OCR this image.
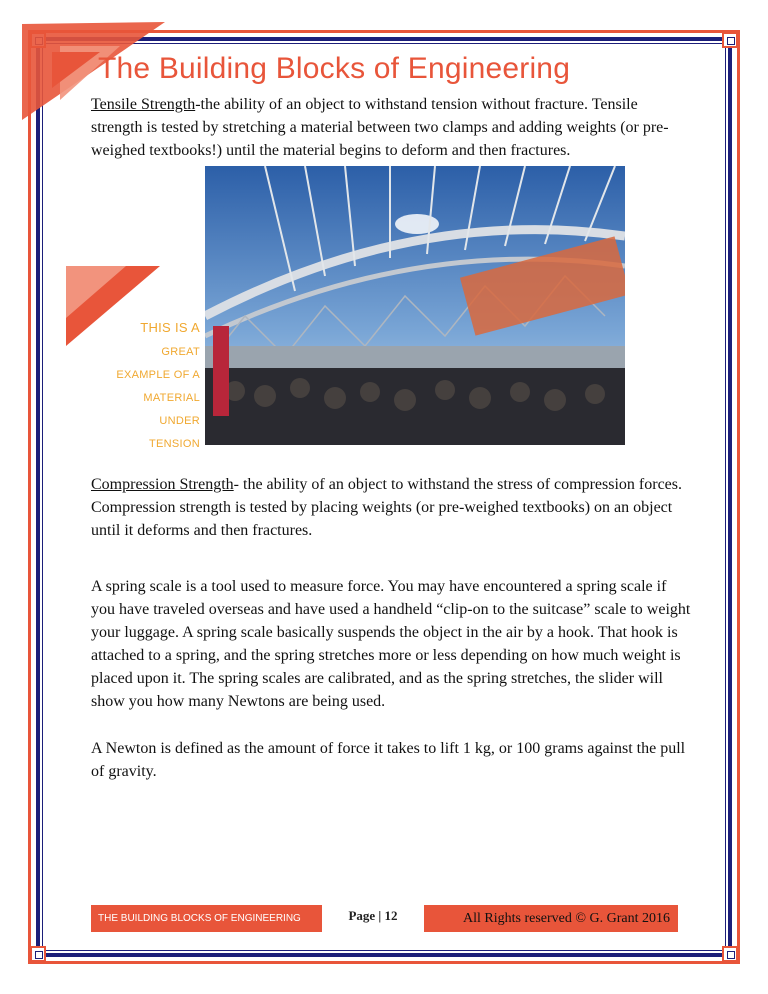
The Building Blocks of Engineering

Tensile Strength-the ability of an object to withstand tension without fracture. Tensile strength is tested by stretching a material between two clamps and adding weights (or pre-weighed textbooks!) until the material begins to deform and then fractures.

THIS IS A
GREAT
EXAMPLE OF A
MATERIAL
UNDER
TENSION

Compression Strength- the ability of an object to withstand the stress of compression forces. Compression strength is tested by placing weights (or pre-weighed textbooks) on an object until it deforms and then fractures.

A spring scale is a tool used to measure force. You may have encountered a spring scale if you have traveled overseas and have used a handheld “clip-on to the suitcase” scale to weight your luggage. A spring scale basically suspends the object in the air by a hook. That hook is attached to a spring, and the spring stretches more or less depending on how much weight is placed upon it. The spring scales are calibrated, and as the spring stretches, the slider will show you how many Newtons are being used.

A Newton is defined as the amount of force it takes to lift 1 kg, or 100 grams against the pull of gravity.

THE BUILDING BLOCKS OF ENGINEERING	Page | 12	All Rights reserved © G. Grant 2016
